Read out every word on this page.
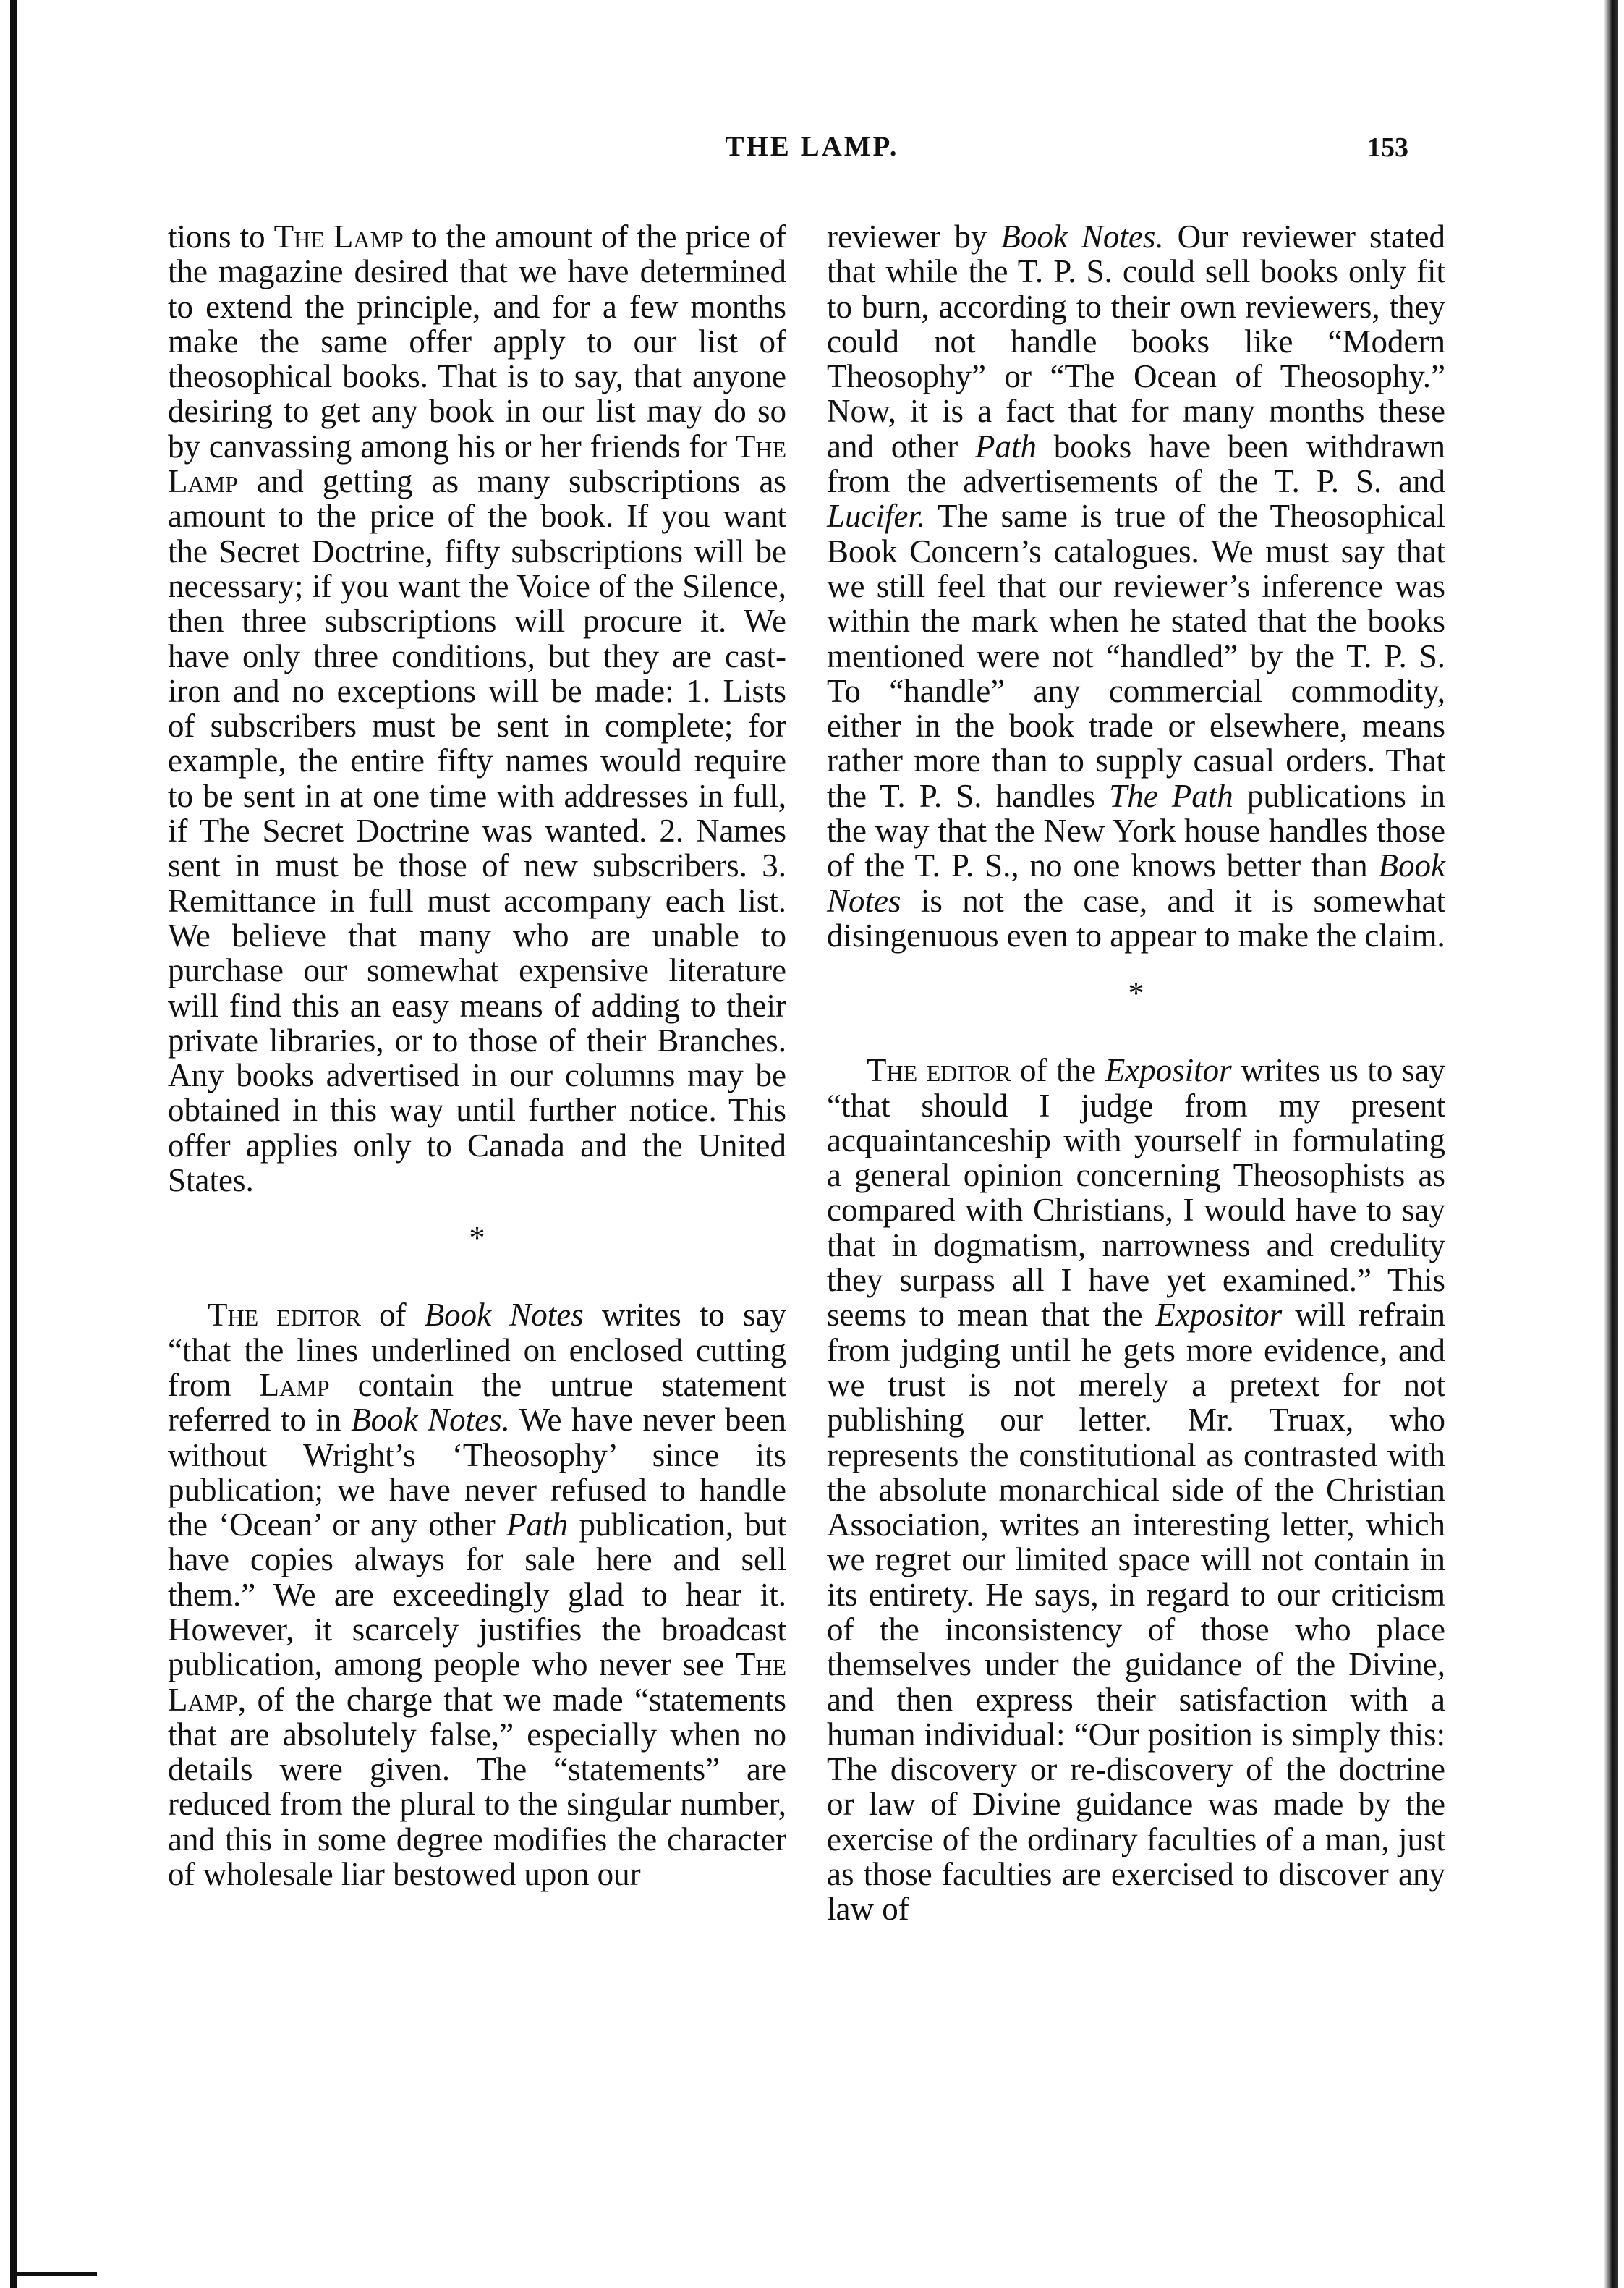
THE LAMP.	153

tions to The Lamp to the amount of the price of the magazine desired that we have determined to extend the principle, and for a few months make the same offer apply to our list of theosophical books. That is to say, that anyone desiring to get any book in our list may do so by canvassing among his or her friends for The Lamp and getting as many subscriptions as amount to the price of the book. If you want the Secret Doctrine, fifty subscriptions will be necessary; if you want the Voice of the Silence, then three subscriptions will procure it. We have only three conditions, but they are cast-iron and no exceptions will be made: 1. Lists of subscribers must be sent in complete; for example, the entire fifty names would require to be sent in at one time with addresses in full, if The Secret Doctrine was wanted. 2. Names sent in must be those of new subscribers. 3. Remittance in full must accompany each list. We believe that many who are unable to purchase our somewhat expensive literature will find this an easy means of adding to their private libraries, or to those of their Branches. Any books advertised in our columns may be obtained in this way until further notice. This offer applies only to Canada and the United States.

*

The editor of Book Notes writes to say “that the lines underlined on enclosed cutting from Lamp contain the untrue statement referred to in Book Notes. We have never been without Wright’s ‘Theosophy’ since its publication; we have never refused to handle the ‘Ocean’ or any other Path publication, but have copies always for sale here and sell them.” We are exceedingly glad to hear it. However, it scarcely justifies the broadcast publication, among people who never see The Lamp, of the charge that we made “statements that are absolutely false,” especially when no details were given. The “statements” are reduced from the plural to the singular number, and this in some degree modifies the character of wholesale liar bestowed upon our

reviewer by Book Notes. Our reviewer stated that while the T. P. S. could sell books only fit to burn, according to their own reviewers, they could not handle books like “Modern Theosophy” or “The Ocean of Theosophy.” Now, it is a fact that for many months these and other Path books have been withdrawn from the advertisements of the T. P. S. and Lucifer. The same is true of the Theosophical Book Concern’s catalogues. We must say that we still feel that our reviewer’s inference was within the mark when he stated that the books mentioned were not “handled” by the T. P. S. To “handle” any commercial commodity, either in the book trade or elsewhere, means rather more than to supply casual orders. That the T. P. S. handles The Path publications in the way that the New York house handles those of the T. P. S., no one knows better than Book Notes is not the case, and it is somewhat disingenuous even to appear to make the claim.

*

The editor of the Expositor writes us to say “that should I judge from my present acquaintanceship with yourself in formulating a general opinion concerning Theosophists as compared with Christians, I would have to say that in dogmatism, narrowness and credulity they surpass all I have yet examined.” This seems to mean that the Expositor will refrain from judging until he gets more evidence, and we trust is not merely a pretext for not publishing our letter. Mr. Truax, who represents the constitutional as contrasted with the absolute monarchical side of the Christian Association, writes an interesting letter, which we regret our limited space will not contain in its entirety. He says, in regard to our criticism of the inconsistency of those who place themselves under the guidance of the Divine, and then express their satisfaction with a human individual: “Our position is simply this: The discovery or re-discovery of the doctrine or law of Divine guidance was made by the exercise of the ordinary faculties of a man, just as those faculties are exercised to discover any law of
